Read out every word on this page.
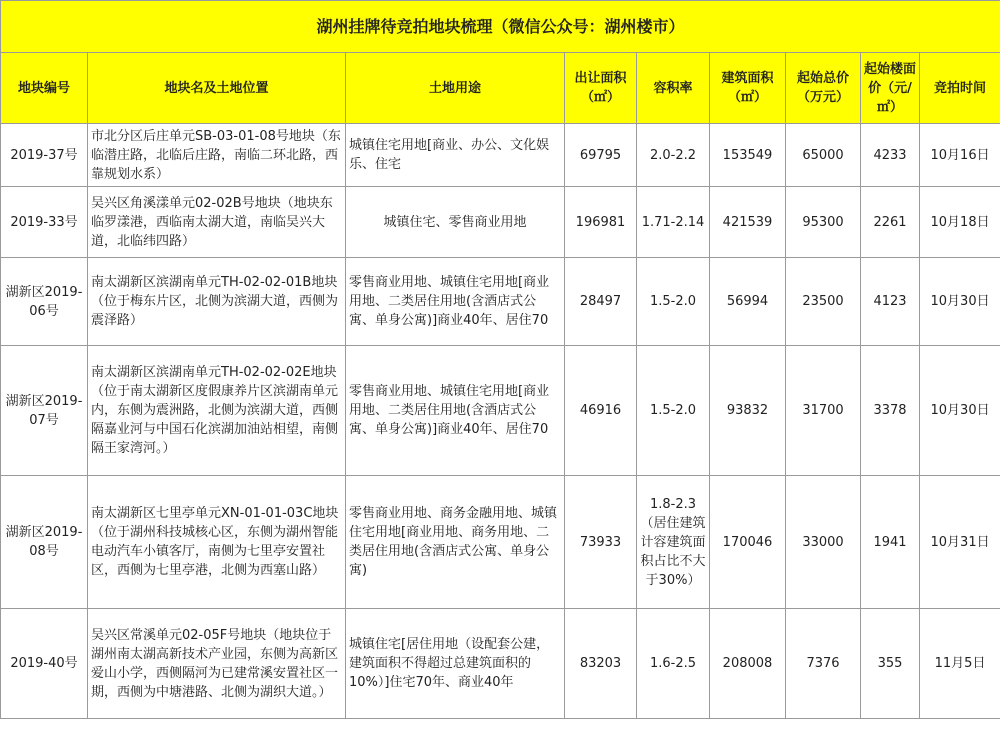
湖州挂牌待竞拍地块梳理（微信公众号：湖州楼市）								
地块编号	地块名及土地位置	土地用途	出让面积（㎡）	容积率	建筑面积（㎡）	起始总价（万元）	起始楼面价（元/㎡）	竞拍时间
2019-37号	市北分区后庄单元SB-03-01-08号地块（东临潜庄路，北临后庄路，南临二环北路，西靠规划水系）	城镇住宅用地[商业、办公、文化娱乐、住宅	69795	2.0-2.2	153549	65000	4233	10月16日
2019-33号	吴兴区角溪漾单元02-02B号地块（地块东临罗漾港，西临南太湖大道，南临吴兴大道，北临纬四路）	城镇住宅、零售商业用地	196981	1.71-2.14	421539	95300	2261	10月18日
湖新区2019-06号	南太湖新区滨湖南单元TH-02-02-01B地块（位于梅东片区，北侧为滨湖大道，西侧为震泽路）	零售商业用地、城镇住宅用地[商业用地、二类居住用地(含酒店式公寓、单身公寓)]商业40年、居住70	28497	1.5-2.0	56994	23500	4123	10月30日
湖新区2019-07号	南太湖新区滨湖南单元TH-02-02-02E地块（位于南太湖新区度假康养片区滨湖南单元内，东侧为震洲路，北侧为滨湖大道，西侧隔嘉业河与中国石化滨湖加油站相望，南侧隔王家湾河。）	零售商业用地、城镇住宅用地[商业用地、二类居住用地(含酒店式公寓、单身公寓)]商业40年、居住70	46916	1.5-2.0	93832	31700	3378	10月30日
湖新区2019-08号	南太湖新区七里亭单元XN-01-01-03C地块（位于湖州科技城核心区，东侧为湖州智能电动汽车小镇客厅，南侧为七里亭安置社区，西侧为七里亭港，北侧为西塞山路）	零售商业用地、商务金融用地、城镇住宅用地[商业用地、商务用地、二类居住用地(含酒店式公寓、单身公寓)	73933	1.8-2.3（居住建筑计容建筑面积占比不大于30%）	170046	33000	1941	10月31日
2019-40号	吴兴区常溪单元02-05F号地块（地块位于湖州南太湖高新技术产业园，东侧为高新区爱山小学，西侧隔河为已建常溪安置社区一期，西侧为中塘港路、北侧为湖织大道。）	城镇住宅[居住用地（设配套公建，建筑面积不得超过总建筑面积的10%）]住宅70年、商业40年	83203	1.6-2.5	208008	7376	355	11月5日
